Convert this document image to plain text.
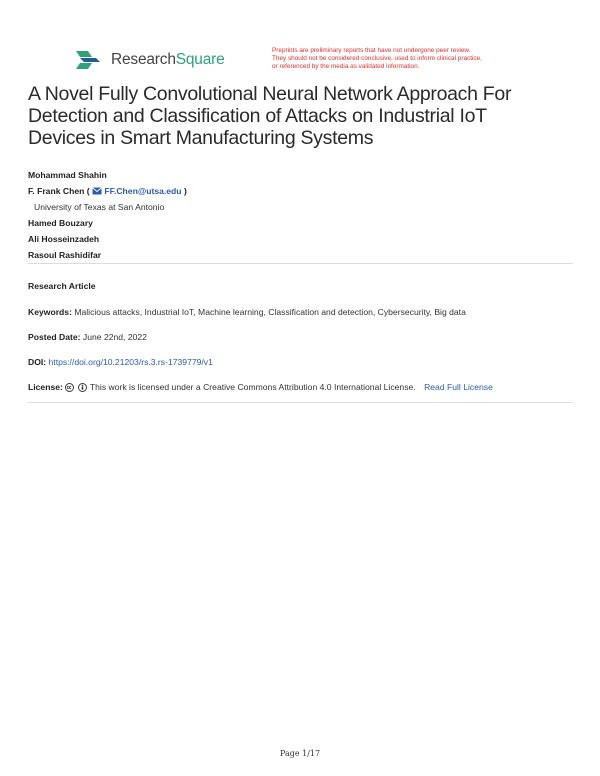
ResearchSquare
Preprints are preliminary reports that have not undergone peer review.
They should not be considered conclusive, used to inform clinical practice,
or referenced by the media as validated information.
A Novel Fully Convolutional Neural Network Approach For
Detection and Classification of Attacks on Industrial IoT
Devices in Smart Manufacturing Systems
Mohammad Shahin
F. Frank Chen ( FF.Chen@utsa.edu )
University of Texas at San Antonio
Hamed Bouzary
Ali Hosseinzadeh
Rasoul Rashidifar
Research Article
Keywords: Malicious attacks, Industrial IoT, Machine learning, Classification and detection, Cybersecurity, Big data
Posted Date: June 22nd, 2022
DOI: https://doi.org/10.21203/rs.3.rs-1739779/v1
License:	This work is licensed under a Creative Commons Attribution 4.0 International License. Read Full License
Page 1/17
